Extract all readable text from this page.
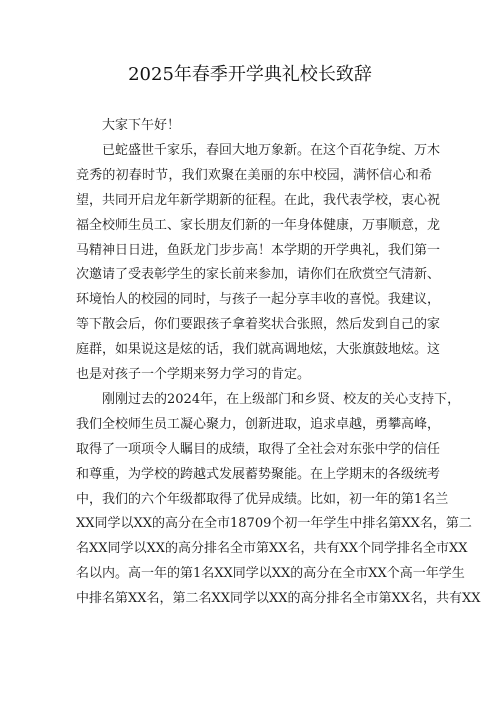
2025年春季开学典礼校长致辞
大家下午好！
已蛇盛世千家乐，春回大地万象新。在这个百花争绽、万木
竞秀的初春时节，我们欢聚在美丽的东中校园，满怀信心和希
望，共同开启龙年新学期新的征程。在此，我代表学校，衷心祝
福全校师生员工、家长朋友们新的一年身体健康，万事顺意，龙
马精神日日进，鱼跃龙门步步高！本学期的开学典礼，我们第一
次邀请了受表彰学生的家长前来参加，请你们在欣赏空气清新、
环境怡人的校园的同时，与孩子一起分享丰收的喜悦。我建议，
等下散会后，你们要跟孩子拿着奖状合张照，然后发到自己的家
庭群，如果说这是炫的话，我们就高调地炫，大张旗鼓地炫。这
也是对孩子一个学期来努力学习的肯定。
刚刚过去的2024年，在上级部门和乡贤、校友的关心支持下，
我们全校师生员工凝心聚力，创新进取，追求卓越，勇攀高峰，
取得了一项项令人瞩目的成绩，取得了全社会对东张中学的信任
和尊重，为学校的跨越式发展蓄势聚能。在上学期末的各级统考
中，我们的六个年级都取得了优异成绩。比如，初一年的第1名兰
XX同学以XX的高分在全市18709个初一年学生中排名第XX名，第二
名XX同学以XX的高分排名全市第XX名，共有XX个同学排名全市XX
名以内。高一年的第1名XX同学以XX的高分在全市XX个高一年学生
中排名第XX名，第二名XX同学以XX的高分排名全市第XX名，共有XX
